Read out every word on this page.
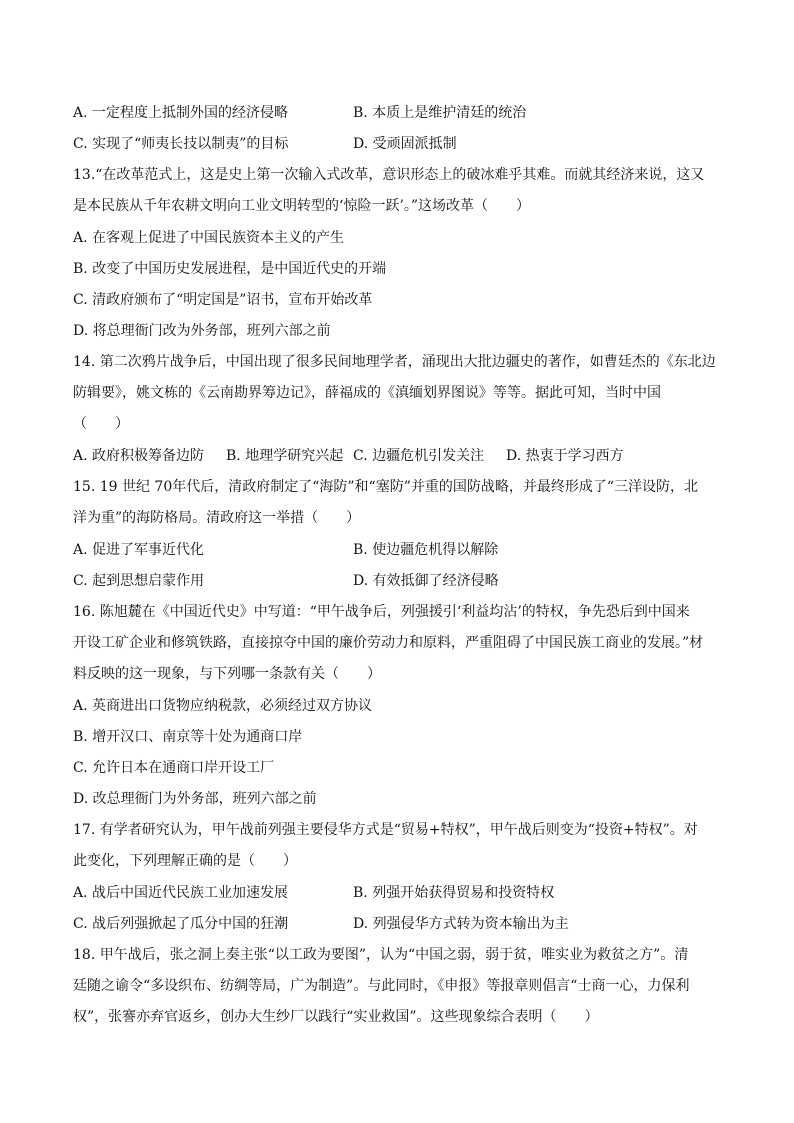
A. 一定程度上抵制外国的经济侵略	B. 本质上是维护清廷的统治
C. 实现了“师夷长技以制夷”的目标	D. 受顽固派抵制
13.“在改革范式上，这是史上第一次输入式改革，意识形态上的破冰难乎其难。而就其经济来说，这又
是本民族从千年农耕文明向工业文明转型的‘惊险一跃’。”这场改革（　　）
A. 在客观上促进了中国民族资本主义的产生
B. 改变了中国历史发展进程，是中国近代史的开端
C. 清政府颁布了“明定国是”诏书，宣布开始改革
D. 将总理衙门改为外务部，班列六部之前
14. 第二次鸦片战争后，中国出现了很多民间地理学者，涌现出大批边疆史的著作，如曹廷杰的《东北边
防辑要》，姚文栋的《云南勘界筹边记》，薛福成的《滇缅划界图说》等等。据此可知，当时中国
（　　）
A. 政府积极筹备边防 B. 地理学研究兴起 C. 边疆危机引发关注 D. 热衷于学习西方
15. 19 世纪 70年代后，清政府制定了“海防”和“塞防”并重的国防战略，并最终形成了“三洋设防，北
洋为重”的海防格局。清政府这一举措（　　）
A. 促进了军事近代化	B. 使边疆危机得以解除
C. 起到思想启蒙作用	D. 有效抵御了经济侵略
16. 陈旭麓在《中国近代史》中写道：“甲午战争后，列强援引‘利益均沾’的特权，争先恐后到中国来
开设工矿企业和修筑铁路，直接掠夺中国的廉价劳动力和原料，严重阻碍了中国民族工商业的发展。”材
料反映的这一现象，与下列哪一条款有关（　　）
A. 英商进出口货物应纳税款，必须经过双方协议
B. 增开汉口、南京等十处为通商口岸
C. 允许日本在通商口岸开设工厂
D. 改总理衙门为外务部，班列六部之前
17. 有学者研究认为，甲午战前列强主要侵华方式是“贸易+特权”，甲午战后则变为“投资+特权”。对
此变化，下列理解正确的是（　　）
A. 战后中国近代民族工业加速发展	B. 列强开始获得贸易和投资特权
C. 战后列强掀起了瓜分中国的狂潮	D. 列强侵华方式转为资本输出为主
18. 甲午战后，张之洞上奏主张“以工政为要图”，认为“中国之弱，弱于贫，唯实业为救贫之方”。清
廷随之谕令“多设织布、纺绸等局，广为制造”。与此同时，《申报》等报章则倡言“士商一心，力保利
权”，张謇亦弃官返乡，创办大生纱厂以践行“实业救国”。这些现象综合表明（　　）
